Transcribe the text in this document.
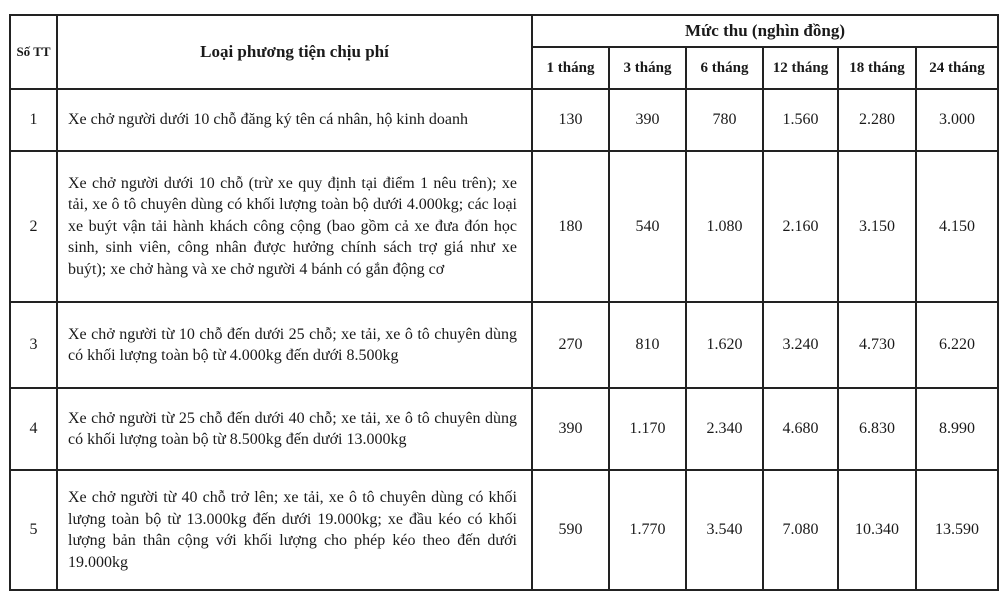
Số TT	Loại phương tiện chịu phí	Mức thu (nghìn đồng)					
		1 tháng	3 tháng	6 tháng	12 tháng	18 tháng	24 tháng
1	Xe chở người dưới 10 chỗ đăng ký tên cá nhân, hộ kinh doanh	130	390	780	1.560	2.280	3.000
2	Xe chở người dưới 10 chỗ (trừ xe quy định tại điểm 1 nêu trên); xe tải, xe ô tô chuyên dùng có khối lượng toàn bộ dưới 4.000kg; các loại xe buýt vận tải hành khách công cộng (bao gồm cả xe đưa đón học sinh, sinh viên, công nhân được hưởng chính sách trợ giá như xe buýt); xe chở hàng và xe chở người 4 bánh có gắn động cơ	180	540	1.080	2.160	3.150	4.150
3	Xe chở người từ 10 chỗ đến dưới 25 chỗ; xe tải, xe ô tô chuyên dùng có khối lượng toàn bộ từ 4.000kg đến dưới 8.500kg	270	810	1.620	3.240	4.730	6.220
4	Xe chở người từ 25 chỗ đến dưới 40 chỗ; xe tải, xe ô tô chuyên dùng có khối lượng toàn bộ từ 8.500kg đến dưới 13.000kg	390	1.170	2.340	4.680	6.830	8.990
5	Xe chở người từ 40 chỗ trở lên; xe tải, xe ô tô chuyên dùng có khối lượng toàn bộ từ 13.000kg đến dưới 19.000kg; xe đầu kéo có khối lượng bản thân cộng với khối lượng cho phép kéo theo đến dưới 19.000kg	590	1.770	3.540	7.080	10.340	13.590
